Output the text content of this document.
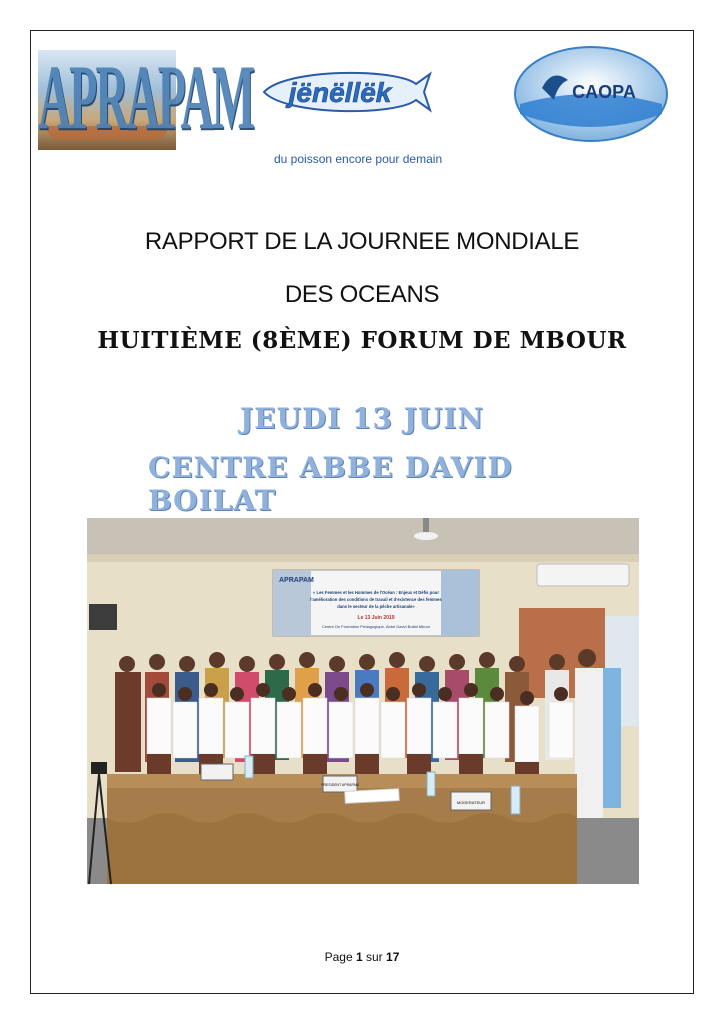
APRAPAM jënëllëk
du poisson encore pour demain
CAOPA
RAPPORT DE LA JOURNEE MONDIALE
DES OCEANS
HUITIÈME (8ÈME) FORUM DE MBOUR
JEUDI 13 JUIN
CENTRE ABBE DAVID BOILAT
APRAPAM
« Les Femmes et les Hommes de l'Océan : Enjeux et Défis pour
l'amélioration des conditions de travail et d'existence des femmes
dans le secteur de la pêche artisanale»
Le 13 Juin 2019
Centre De Formation Pédagogique, Abbé David Boilat Mbour
PRESIDENT APRAPAM
MODERATEUR
Page 1 sur 17
